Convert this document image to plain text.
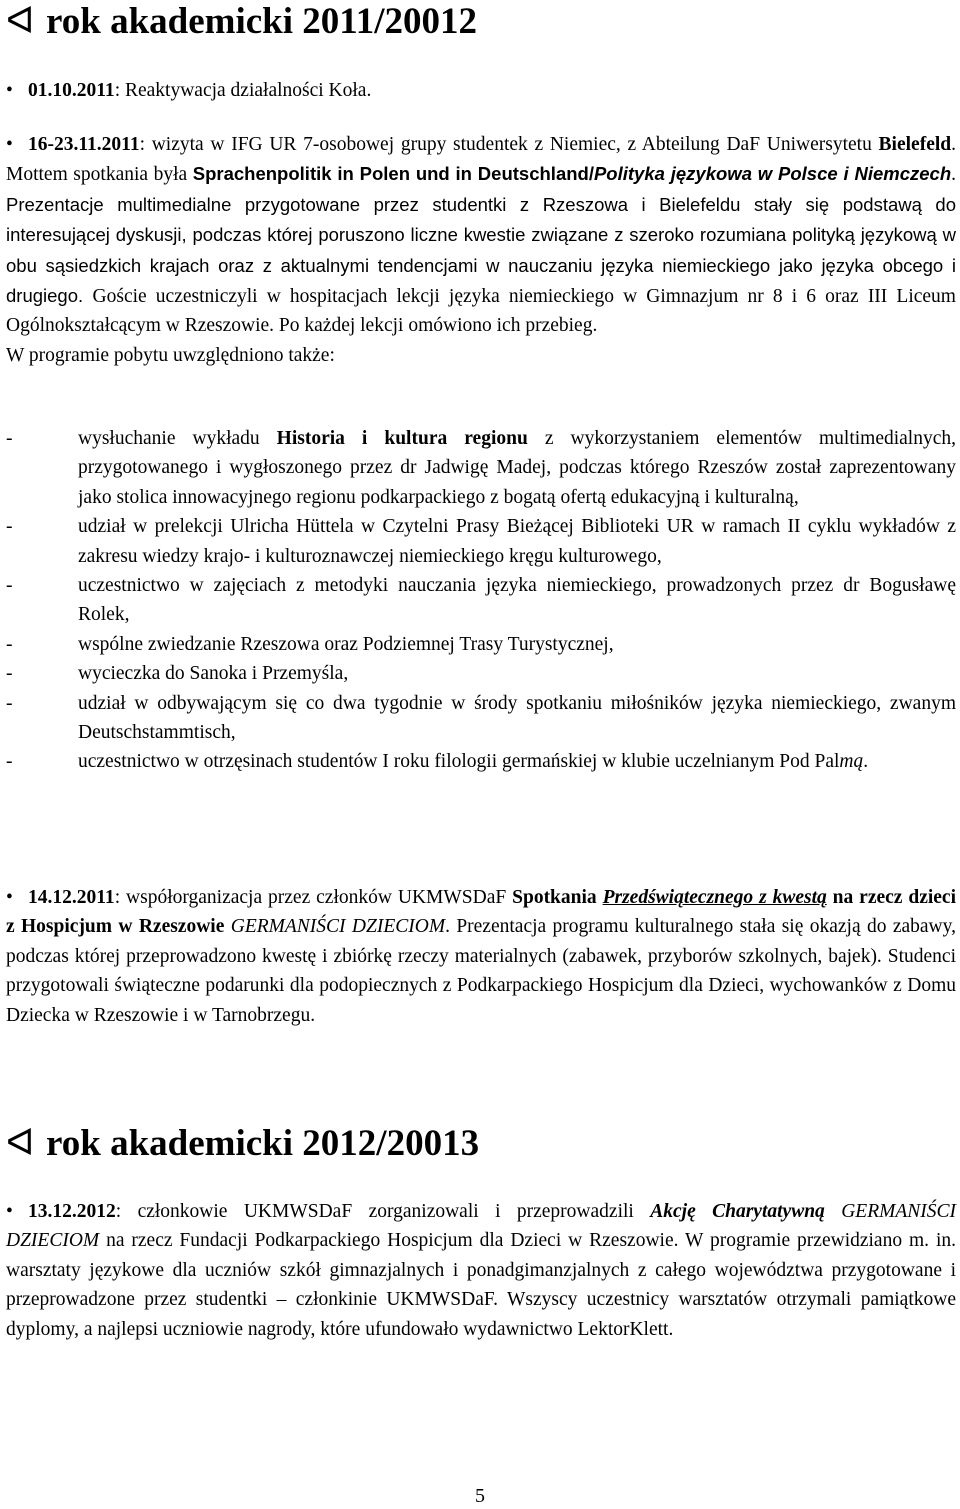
ᐊ rok akademicki 2011/20012

• 01.10.2011: Reaktywacja działalności Koła.

• 16-23.11.2011: wizyta w IFG UR 7-osobowej grupy studentek z Niemiec, z Abteilung DaF Uniwersytetu Bielefeld. Mottem spotkania była Sprachenpolitik in Polen und in Deutschland/Polityka językowa w Polsce i Niemczech. Prezentacje multimedialne przygotowane przez studentki z Rzeszowa i Bielefeldu stały się podstawą do interesującej dyskusji, podczas której poruszono liczne kwestie związane z szeroko rozumiana polityką językową w obu sąsiedzkich krajach oraz z aktualnymi tendencjami w nauczaniu języka niemieckiego jako języka obcego i drugiego. Goście uczestniczyli w hospitacjach lekcji języka niemieckiego w Gimnazjum nr 8 i 6 oraz III Liceum Ogólnokształcącym w Rzeszowie. Po każdej lekcji omówiono ich przebieg.
W programie pobytu uwzględniono także:

-	wysłuchanie wykładu Historia i kultura regionu z wykorzystaniem elementów multimedialnych, przygotowanego i wygłoszonego przez dr Jadwigę Madej, podczas którego Rzeszów został zaprezentowany jako stolica innowacyjnego regionu podkarpackiego z bogatą ofertą edukacyjną i kulturalną,
-	udział w prelekcji Ulricha Hüttela w Czytelni Prasy Bieżącej Biblioteki UR w ramach II cyklu wykładów z zakresu wiedzy krajo- i kulturoznawczej niemieckiego kręgu kulturowego,
-	uczestnictwo w zajęciach z metodyki nauczania języka niemieckiego, prowadzonych przez dr Bogusławę Rolek,
-	wspólne zwiedzanie Rzeszowa oraz Podziemnej Trasy Turystycznej,
-	wycieczka do Sanoka i Przemyśla,
-	udział w odbywającym się co dwa tygodnie w środy spotkaniu miłośników języka niemieckiego, zwanym Deutschstammtisch,
-	uczestnictwo w otrzęsinach studentów I roku filologii germańskiej w klubie uczelnianym Pod Palmą.

• 14.12.2011: współorganizacja przez członków UKMWSDaF Spotkania Przedświątecznego z kwestą na rzecz dzieci z Hospicjum w Rzeszowie GERMANIŚCI DZIECIOM. Prezentacja programu kulturalnego stała się okazją do zabawy, podczas której przeprowadzono kwestę i zbiórkę rzeczy materialnych (zabawek, przyborów szkolnych, bajek). Studenci przygotowali świąteczne podarunki dla podopiecznych z Podkarpackiego Hospicjum dla Dzieci, wychowanków z Domu Dziecka w Rzeszowie i w Tarnobrzegu.

ᐊ rok akademicki 2012/20013

• 13.12.2012: członkowie UKMWSDaF zorganizowali i przeprowadzili Akcję Charytatywną GERMANIŚCI DZIECIOM na rzecz Fundacji Podkarpackiego Hospicjum dla Dzieci w Rzeszowie. W programie przewidziano m. in. warsztaty językowe dla uczniów szkół gimnazjalnych i ponadgimanzjalnych z całego województwa przygotowane i przeprowadzone przez studentki – członkinie UKMWSDaF. Wszyscy uczestnicy warsztatów otrzymali pamiątkowe dyplomy, a najlepsi uczniowie nagrody, które ufundowało wydawnictwo LektorKlett.

5
